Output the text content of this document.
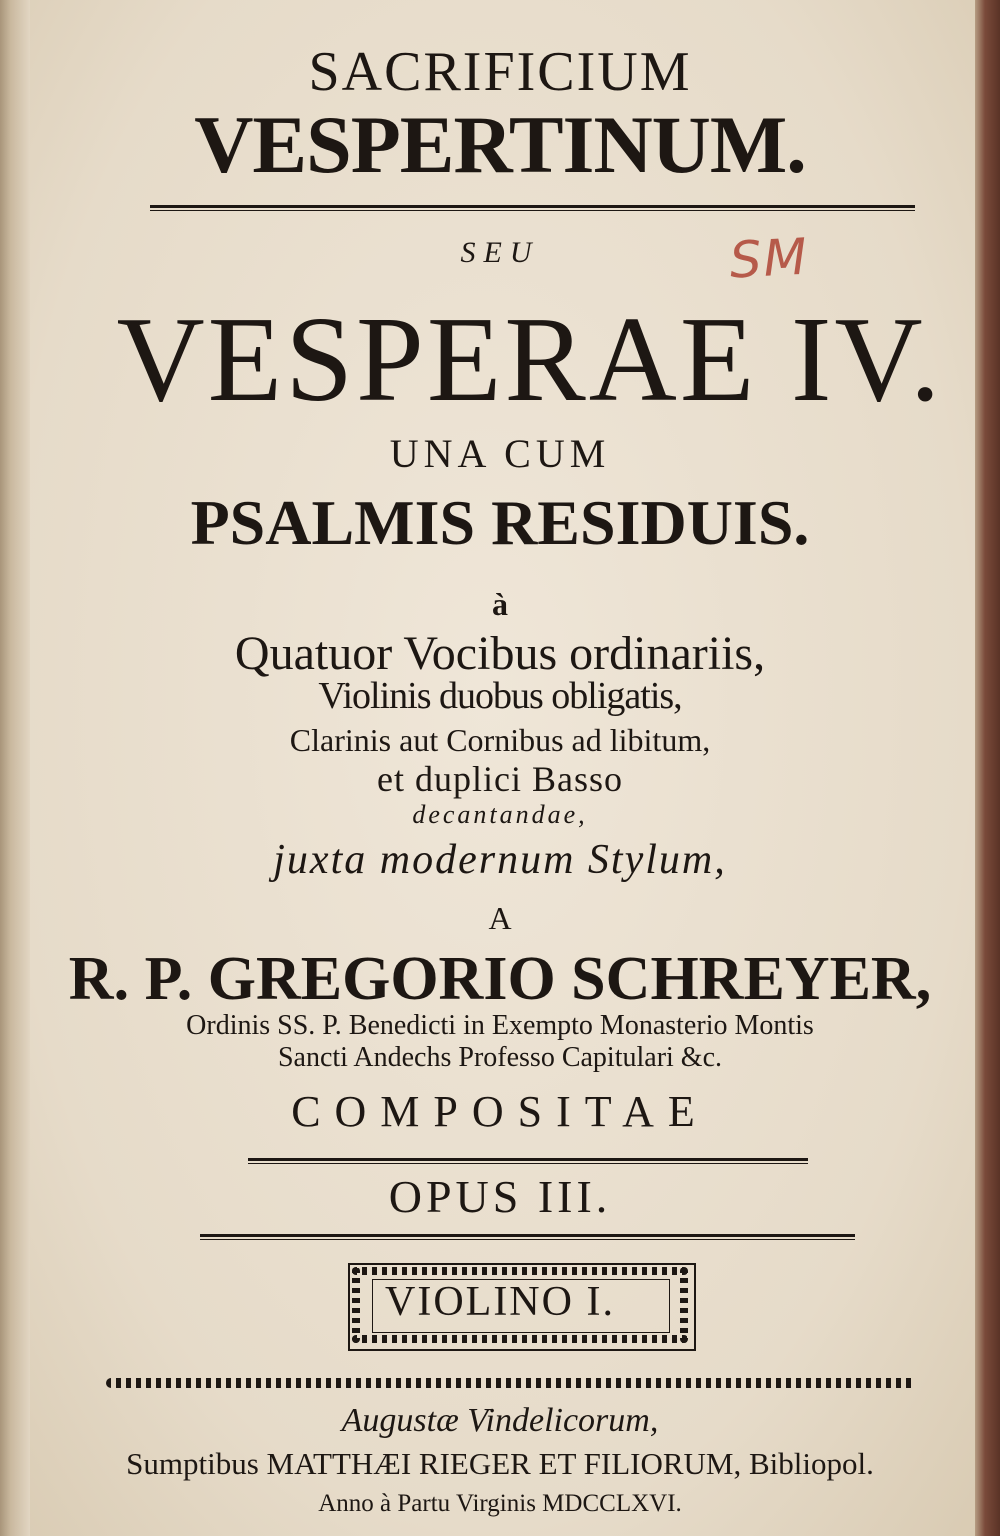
SACRIFICIUM
VESPERTINUM.
SEU	SM
VESPERAE IV.
UNA CUM
PSALMIS RESIDUIS.
à
Quatuor Vocibus ordinariis,
Violinis duobus obligatis,
Clarinis aut Cornibus ad libitum,
et duplici Basso
decantandae,
juxta modernum Stylum,
A
R. P. GREGORIO SCHREYER,
Ordinis SS. P. Benedicti in Exempto Monasterio Montis
Sancti Andechs Professo Capitulari &c.
COMPOSITAE
OPUS III.
VIOLINO I.
Augustæ Vindelicorum,
Sumptibus MATTHÆI RIEGER ET FILIORUM, Bibliopol.
Anno à Partu Virginis MDCCLXVI.
